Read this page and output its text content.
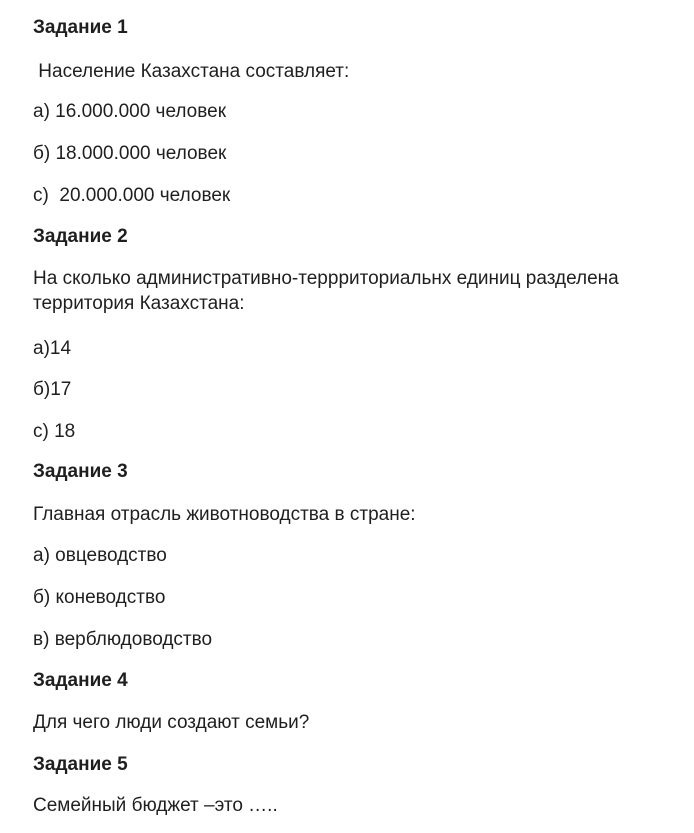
Задание 1
Население Казахстана составляет:
а) 16.000.000 человек
б) 18.000.000 человек
с)  20.000.000 человек
Задание 2
На сколько административно-террриториальнх единиц разделена территория Казахстана:
а)14
б)17
с) 18
Задание 3
Главная отрасль животноводства в стране:
а) овцеводство
б) коневодство
в) верблюдоводство
Задание 4
Для чего люди создают семьи?
Задание 5
Семейный бюджет –это …..
